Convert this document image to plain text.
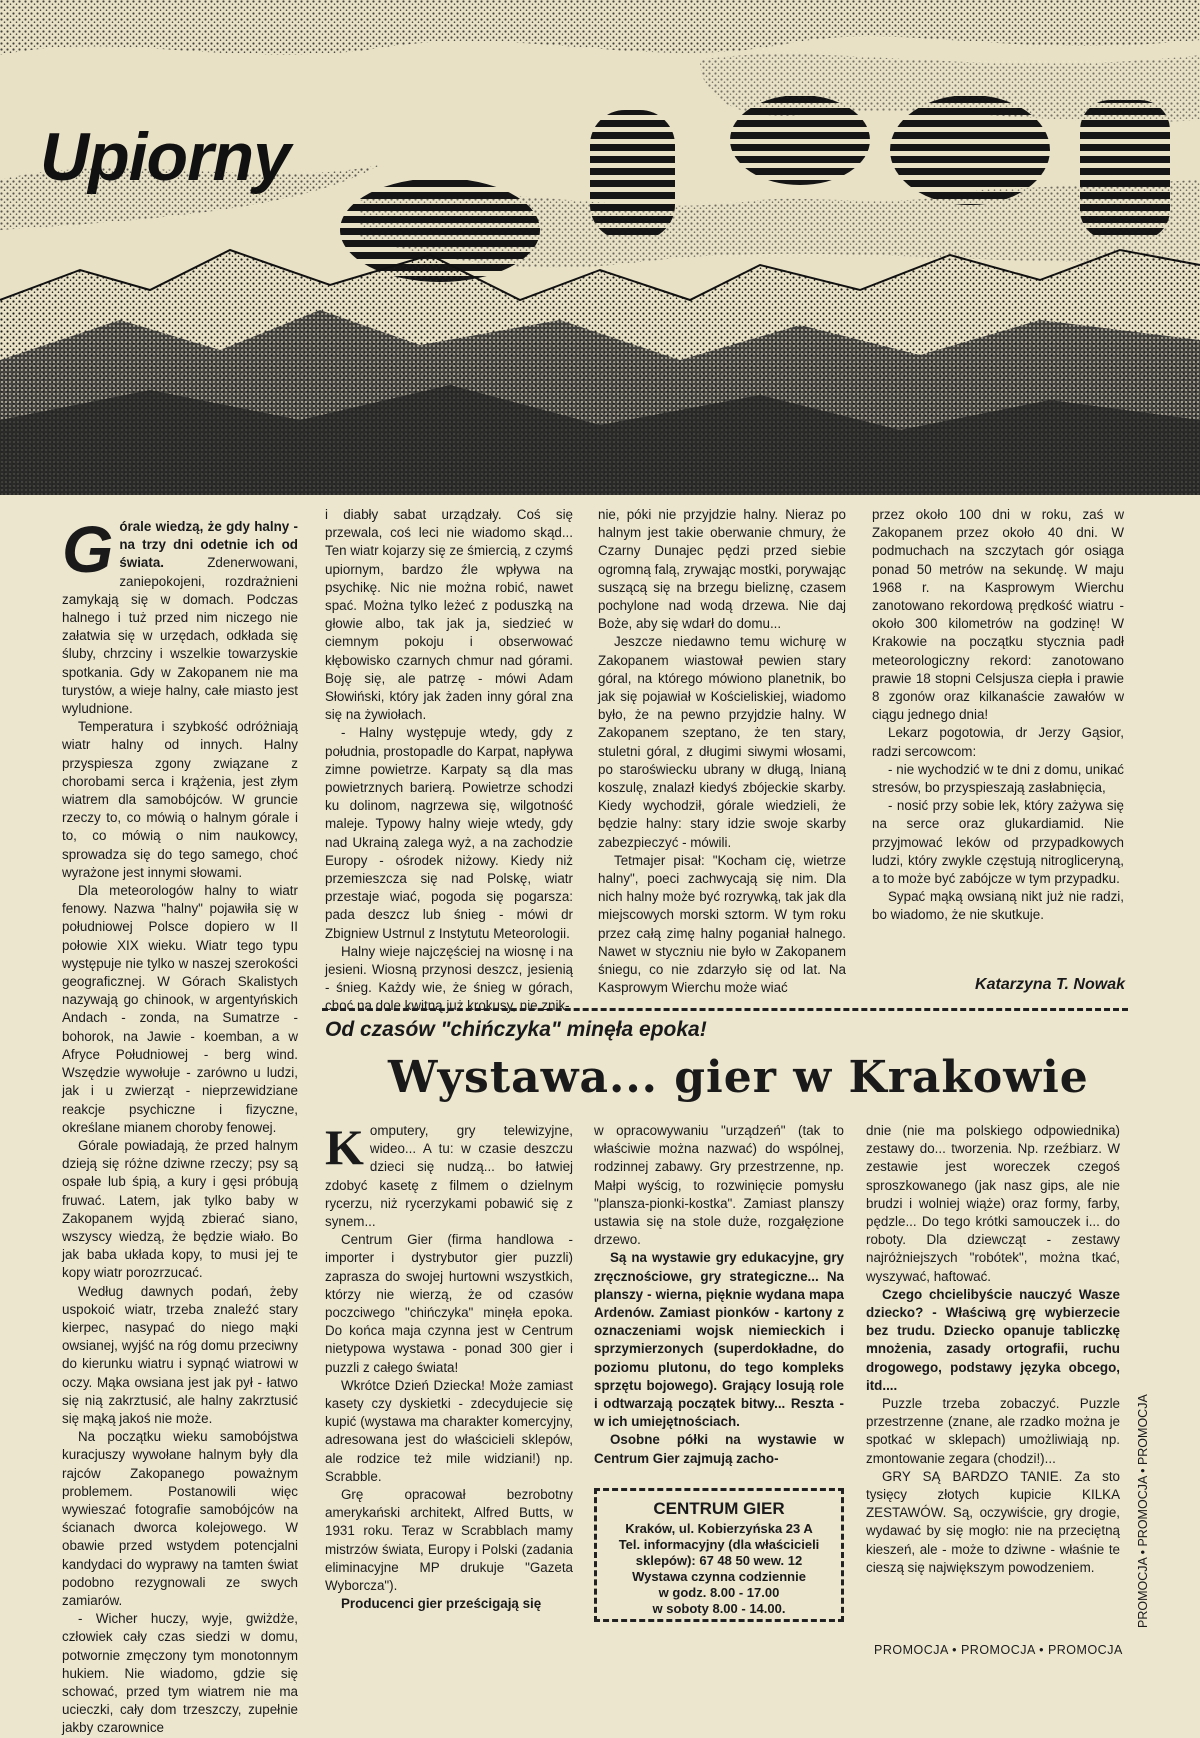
Upiorny

Górale wiedzą, że gdy halny - na trzy dni odetnie ich od świata.	Zdenerwowani, zaniepokojeni, rozdrażnieni zamykają się w domach. Podczas halnego i tuż przed nim niczego nie załatwia się w urzędach, odkłada się śluby, chrzciny i wszelkie towarzyskie spotkania. Gdy w Zakopanem nie ma turystów, a wieje halny, całe miasto jest wyludnione.

Temperatura i szybkość odróżniają wiatr halny od innych. Halny przyspiesza zgony związane z chorobami serca i krążenia, jest złym wiatrem dla samobójców. W gruncie rzeczy to, co mówią o halnym górale i to, co mówią o nim naukowcy, sprowadza się do tego samego, choć wyrażone jest innymi słowami.

Dla meteorologów halny to wiatr fenowy. Nazwa "halny" pojawiła się w południowej Polsce dopiero w II połowie XIX wieku. Wiatr tego typu występuje nie tylko w naszej szerokości geograficznej. W Górach Skalistych nazywają go chinook, w argentyńskich Andach - zonda, na Sumatrze - bohorok, na Jawie - koemban, a w Afryce Południowej - berg wind. Wszędzie wywołuje - zarówno u ludzi, jak i u zwierząt - nieprzewidziane reakcje psychiczne i fizyczne, określane mianem choroby fenowej.

Górale powiadają, że przed halnym dzieją się różne dziwne rzeczy; psy są ospałe lub śpią, a kury i gęsi próbują fruwać. Latem, jak tylko baby w Zakopanem wyjdą zbierać siano, wszyscy wiedzą, że będzie wiało. Bo jak baba układa kopy, to musi jej te kopy wiatr porozrzucać.

Według dawnych podań, żeby uspokoić wiatr, trzeba znaleźć stary kierpec, nasypać do niego mąki owsianej, wyjść na róg domu przeciwny do kierunku wiatru i sypnąć wiatrowi w oczy. Mąka owsiana jest jak pył - łatwo się nią zakrztusić, ale halny zakrztusić się mąką jakoś nie może.

Na początku wieku samobójstwa kuracjuszy wywołane halnym były dla rajców Zakopanego poważnym problemem. Postanowili więc wywieszać fotografie samobójców na ścianach dworca kolejowego. W obawie przed wstydem potencjalni kandydaci do wyprawy na tamten świat podobno rezygnowali ze swych zamiarów.

- Wicher huczy, wyje, gwiżdże, człowiek cały czas siedzi w domu, potwornie zmęczony tym monotonnym hukiem. Nie wiadomo, gdzie się schować, przed tym wiatrem nie ma ucieczki, cały dom trzeszczy, zupełnie jakby czarownice

i diabły sabat urządzały. Coś się przewala, coś leci nie wiadomo skąd... Ten wiatr kojarzy się ze śmiercią, z czymś upiornym, bardzo źle wpływa na psychikę. Nic nie można robić, nawet spać. Można tylko leżeć z poduszką na głowie albo, tak jak ja, siedzieć w ciemnym pokoju i obserwować kłębowisko czarnych chmur nad górami. Boję się, ale patrzę - mówi Adam Słowiński, który jak żaden inny góral zna się na żywiołach.

- Halny występuje wtedy, gdy z południa, prostopadle do Karpat, napływa zimne powietrze. Karpaty są dla mas powietrznych barierą. Powietrze schodzi ku dolinom, nagrzewa się, wilgotność maleje. Typowy halny wieje wtedy, gdy nad Ukrainą zalega wyż, a na zachodzie Europy - ośrodek niżowy. Kiedy niż przemieszcza się nad Polskę, wiatr przestaje wiać, pogoda się pogarsza: pada deszcz lub śnieg - mówi dr Zbigniew Ustrnul z Instytutu Meteorologii.

Halny wieje najczęściej na wiosnę i na jesieni. Wiosną przynosi deszcz, jesienią - śnieg. Każdy wie, że śnieg w górach, choć na dole kwitną już krokusy, nie znik-

nie, póki nie przyjdzie halny. Nieraz po halnym jest takie oberwanie chmury, że Czarny Dunajec pędzi przed siebie ogromną falą, zrywając mostki, porywając suszącą się na brzegu bieliznę, czasem pochylone nad wodą drzewa. Nie daj Boże, aby się wdarł do domu...

Jeszcze niedawno temu wichurę w Zakopanem wiastował pewien stary góral, na którego mówiono planetnik, bo jak się pojawiał w Kościeliskiej, wiadomo było, że na pewno przyjdzie halny. W Zakopanem szeptano, że ten stary, stuletni góral, z długimi siwymi włosami, po staroświecku ubrany w długą, lnianą koszulę, znalazł kiedyś zbójeckie skarby. Kiedy wychodził, górale wiedzieli, że będzie halny: stary idzie swoje skarby zabezpieczyć - mówili.

Tetmajer pisał: "Kocham cię, wietrze halny", poeci zachwycają się nim. Dla nich halny może być rozrywką, tak jak dla miejscowych morski sztorm. W tym roku przez całą zimę halny poganiał halnego. Nawet w styczniu nie było w Zakopanem śniegu, co nie zdarzyło się od lat. Na Kasprowym Wierchu może wiać

przez około 100 dni w roku, zaś w Zakopanem przez około 40 dni. W podmuchach na szczytach gór osiąga ponad 50 metrów na sekundę. W maju 1968 r. na Kasprowym Wierchu zanotowano rekordową prędkość wiatru - około 300 kilometrów na godzinę! W Krakowie na początku stycznia padł meteorologiczny rekord: zanotowano prawie 18 stopni Celsjusza ciepła i prawie 8 zgonów oraz kilkanaście zawałów w ciągu jednego dnia!

Lekarz pogotowia, dr Jerzy Gąsior, radzi sercowcom:

- nie wychodzić w te dni z domu, unikać stresów, bo przyspieszają zasłabnięcia,

- nosić przy sobie lek, który zażywa się na serce oraz glukardiamid. Nie przyjmować leków od przypadkowych ludzi, który zwykle częstują nitrogliceryną, a to może być zabójcze w tym przypadku.

Sypać mąką owsianą nikt już nie radzi, bo wiadomo, że nie skutkuje.

Katarzyna T. Nowak
Od czasów "chińczyka" minęła epoka!
Wystawa... gier w Krakowie

Komputery, gry telewizyjne, wideo... A tu: w czasie deszczu dzieci się nudzą... bo łatwiej zdobyć kasetę z filmem o dzielnym rycerzu, niż rycerzykami pobawić się z synem...

Centrum Gier (firma handlowa - importer i dystrybutor gier puzzli) zaprasza do swojej hurtowni wszystkich, którzy nie wierzą, że od czasów poczciwego "chińczyka" minęła epoka. Do końca maja czynna jest w Centrum nietypowa wystawa - ponad 300 gier i puzzli z całego świata!

Wkrótce Dzień Dziecka! Może zamiast kasety czy dyskietki - zdecydujecie się kupić (wystawa ma charakter komercyjny, adresowana jest do właścicieli sklepów, ale rodzice też mile widziani!) np. Scrabble.

Grę opracował bezrobotny amerykański architekt, Alfred Butts, w 1931 roku. Teraz w Scrabblach mamy mistrzów świata, Europy i Polski (zadania eliminacyjne MP drukuje "Gazeta Wyborcza").

Producenci gier prześcigają się

w opracowywaniu "urządzeń" (tak to właściwie można nazwać) do wspólnej, rodzinnej zabawy. Gry przestrzenne, np. Małpi wyścig, to rozwinięcie pomysłu "plansza-pionki-kostka". Zamiast planszy ustawia się na stole duże, rozgałęzione drzewo.

Są na wystawie gry edukacyjne, gry zręcznościowe, gry strategiczne... Na planszy - wierna, pięknie wydana mapa Ardenów. Zamiast pionków - kartony z oznaczeniami wojsk niemieckich i sprzymierzonych (superdokładne, do poziomu plutonu, do tego kompleks sprzętu bojowego). Grający losują role i odtwarzają początek bitwy... Reszta - w ich umiejętnościach.

Osobne półki na wystawie w Centrum Gier zajmują zacho-

CENTRUM GIER
Kraków, ul. Kobierzyńska 23 A
Tel. informacyjny (dla właścicieli
sklepów): 67 48 50 wew. 12
Wystawa czynna codziennie
w godz. 8.00 - 17.00
w soboty 8.00 - 14.00.

dnie (nie ma polskiego odpowiednika) zestawy do... tworzenia. Np. rzeźbiarz. W zestawie jest woreczek czegoś sproszkowanego (jak nasz gips, ale nie brudzi i wolniej wiąże) oraz formy, farby, pędzle... Do tego krótki samouczek i... do roboty. Dla dziewcząt - zestawy najróżniejszych "robótek", można tkać, wyszywać, haftować.

Czego chcielibyście nauczyć Wasze dziecko? - Właściwą grę wybierzecie bez trudu. Dziecko opanuje tabliczkę mnożenia, zasady ortografii, ruchu drogowego, podstawy języka obcego, itd....

Puzzle trzeba zobaczyć. Puzzle przestrzenne (znane, ale rzadko można je spotkać w sklepach) umożliwiają np. zmontowanie zegara (chodzi!)...

GRY SĄ BARDZO TANIE. Za sto tysięcy złotych kupicie KILKA ZESTAWÓW. Są, oczywiście, gry drogie, wydawać by się mogło: nie na przeciętną kieszeń, ale - może to dziwne - właśnie te cieszą się największym powodzeniem.	PROMOCJA • PROMOCJA • PROMOCJA
PROMOCJA • PROMOCJA • PROMOCJA
